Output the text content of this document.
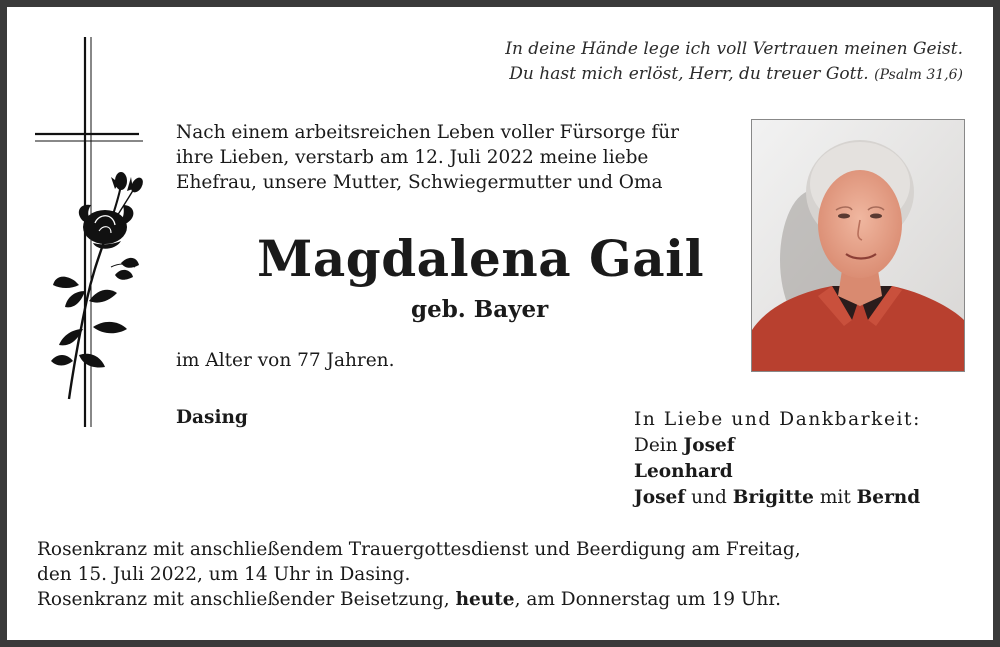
In deine Hände lege ich voll Vertrauen meinen Geist.
Du hast mich erlöst, Herr, du treuer Gott. (Psalm 31,6)
Nach einem arbeitsreichen Leben voller Fürsorge für
ihre Lieben, verstarb am 12. Juli 2022 meine liebe
Ehefrau, unsere Mutter, Schwiegermutter und Oma
Magdalena Gail
geb. Bayer
im Alter von 77 Jahren.
Dasing	In Liebe und Dankbarkeit:
Dein Josef
Leonhard
Josef und Brigitte mit Bernd
Rosenkranz mit anschließendem Trauergottesdienst und Beerdigung am Freitag,
den 15. Juli 2022, um 14 Uhr in Dasing.
Rosenkranz mit anschließender Beisetzung, heute, am Donnerstag um 19 Uhr.
